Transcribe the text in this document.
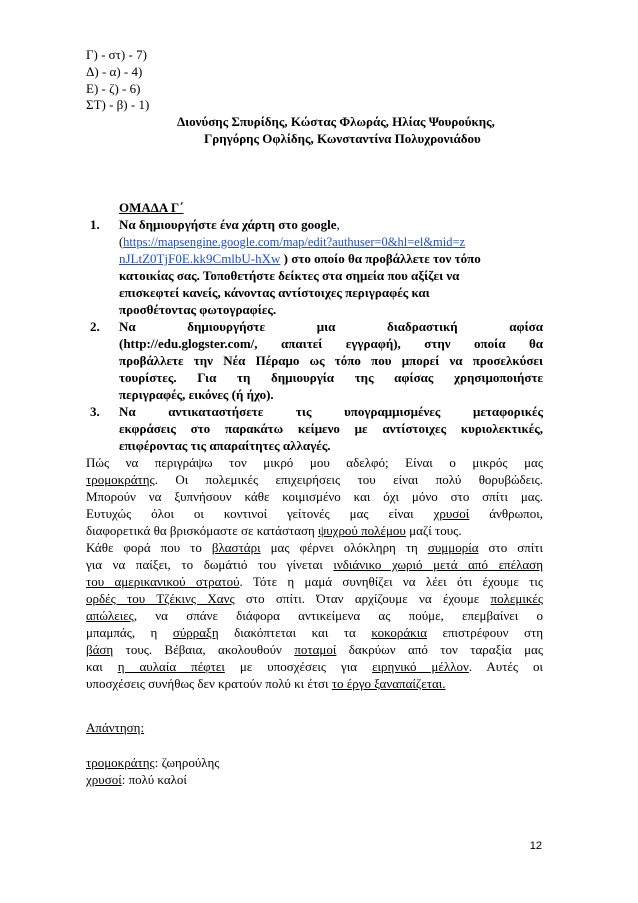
Γ) - στ) - 7)
Δ) - α) - 4)
Ε) - ζ) - 6)
ΣΤ) - β) - 1)
Διονύσης Σπυρίδης, Κώστας Φλωράς, Ηλίας Ψουρούκης,
Γρηγόρης Οφλίδης, Κωνσταντίνα Πολυχρονιάδου
ΟΜΑΔΑ Γ΄
1. Να δημιουργήστε ένα χάρτη στο google,
(https://mapsengine.google.com/map/edit?authuser=0&hl=el&mid=z
nJLtZ0TjF0E.kk9CmlbU-hXw ) στο οποίο θα προβάλλετε τον τόπο
κατοικίας σας. Τοποθετήστε δείκτες στα σημεία που αξίζει να
επισκεφτεί κανείς, κάνοντας αντίστοιχες περιγραφές και
προσθέτοντας φωτογραφίες.
2. Να δημιουργήστε μια διαδραστική αφίσα
(http://edu.glogster.com/, απαιτεί εγγραφή), στην οποία θα
προβάλλετε την Νέα Πέραμο ως τόπο που μπορεί να προσελκύσει
τουρίστες. Για τη δημιουργία της αφίσας χρησιμοποιήστε
περιγραφές, εικόνες (ή ήχο).
3. Να αντικαταστήσετε τις υπογραμμισμένες μεταφορικές
εκφράσεις στο παρακάτω κείμενο με αντίστοιχες κυριολεκτικές,
επιφέροντας τις απαραίτητες αλλαγές.
Πώς να περιγράψω τον μικρό μου αδελφό; Είναι ο μικρός μας
τρομοκράτης. Οι πολεμικές επιχειρήσεις του είναι πολύ θορυβώδεις.
Μπορούν να ξυπνήσουν κάθε κοιμισμένο και όχι μόνο στο σπίτι μας.
Ευτυχώς όλοι οι κοντινοί γείτονές μας είναι χρυσοί άνθρωποι,
διαφορετικά θα βρισκόμαστε σε κατάσταση ψυχρού πολέμου μαζί τους.
Κάθε φορά που το βλαστάρι μας φέρνει ολόκληρη τη συμμορία στο σπίτι
για να παίξει, το δωμάτιό του γίνεται ινδιάνικο χωριό μετά από επέλαση
του αμερικανικού στρατού. Τότε η μαμά συνηθίζει να λέει ότι έχουμε τις
ορδές του Τζέκινς Χανς στο σπίτι. Όταν αρχίζουμε να έχουμε πολεμικές
απώλειες, να σπάνε διάφορα αντικείμενα ας πούμε, επεμβαίνει ο
μπαμπάς, η σύρραξη διακόπτεται και τα κοκοράκια επιστρέφουν στη
βάση τους. Βέβαια, ακολουθούν ποταμοί δακρύων από τον ταραξία μας
και η αυλαία πέφτει με υποσχέσεις για ειρηνικό μέλλον. Αυτές οι
υποσχέσεις συνήθως δεν κρατούν πολύ κι έτσι το έργο ξαναπαίζεται.
Απάντηση:
τρομοκράτης: ζωηρούλης
χρυσοί: πολύ καλοί
12
